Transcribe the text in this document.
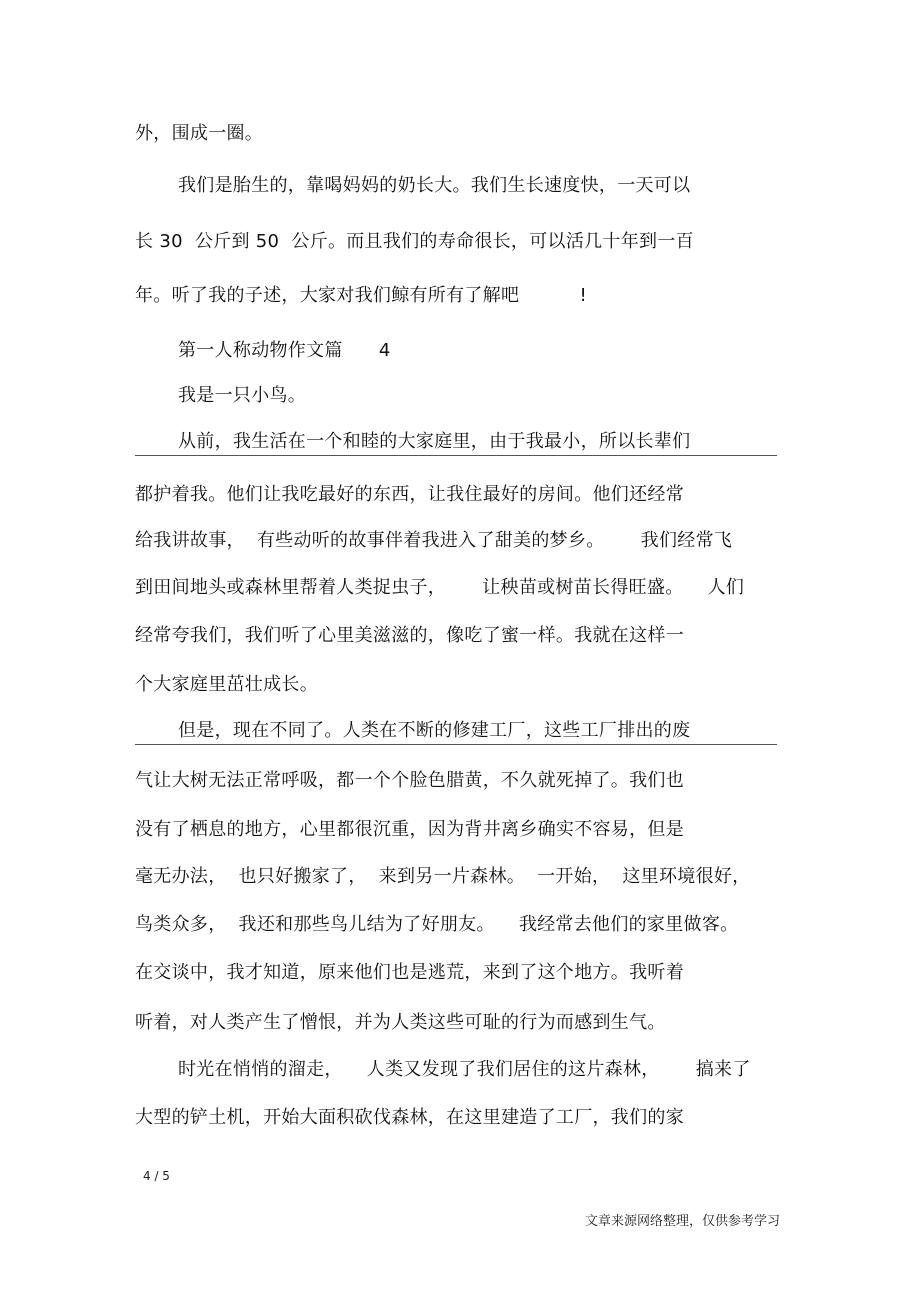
外，围成一圈。
我们是胎生的，靠喝妈妈的奶长大。我们生长速度快，一天可以
长 30  公斤到 50  公斤。而且我们的寿命很长，可以活几十年到一百
年。听了我的子述，大家对我们鲸有所有了解吧          !
第一人称动物作文篇      4
我是一只小鸟。
从前，我生活在一个和睦的大家庭里，由于我最小，所以长辈们
都护着我。他们让我吃最好的东西，让我住最好的房间。他们还经常
给我讲故事，  有些动听的故事伴着我进入了甜美的梦乡。      我们经常飞
到田间地头或森林里帮着人类捉虫子，      让秧苗或树苗长得旺盛。    人们
经常夸我们，我们听了心里美滋滋的，像吃了蜜一样。我就在这样一
个大家庭里茁壮成长。
但是，现在不同了。人类在不断的修建工厂，这些工厂排出的废
气让大树无法正常呼吸，都一个个脸色腊黄，不久就死掉了。我们也
没有了栖息的地方，心里都很沉重，因为背井离乡确实不容易，但是
毫无办法，  也只好搬家了，  来到另一片森林。  一开始，  这里环境很好，
鸟类众多，  我还和那些鸟儿结为了好朋友。    我经常去他们的家里做客。
在交谈中，我才知道，原来他们也是逃荒，来到了这个地方。我听着
听着，对人类产生了憎恨，并为人类这些可耻的行为而感到生气。
时光在悄悄的溜走，    人类又发现了我们居住的这片森林，      搞来了
大型的铲土机，开始大面积砍伐森林，在这里建造了工厂，我们的家
4 / 5
文章来源网络整理，仅供参考学习
